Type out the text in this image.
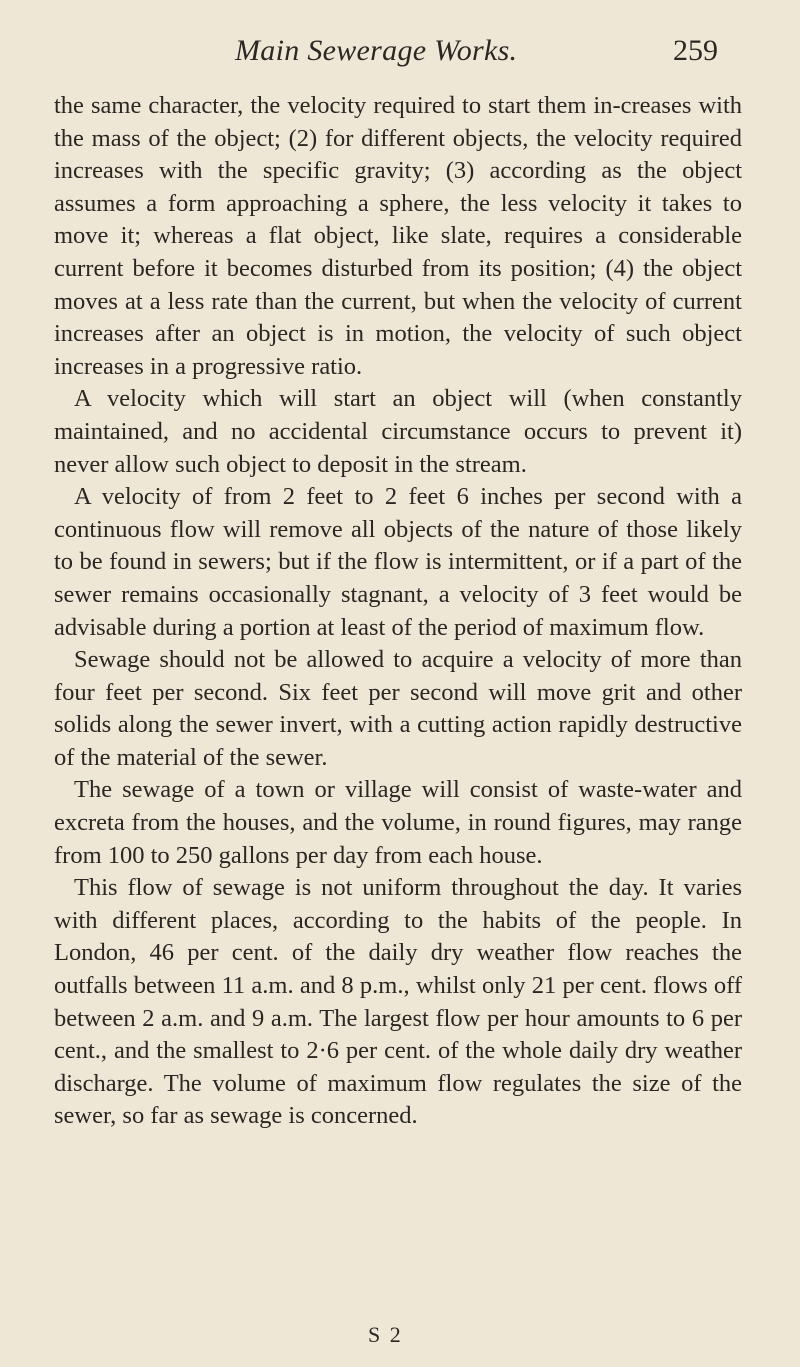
Main Sewerage Works.	259

the same character, the velocity required to start them in-creases with the mass of the object; (2) for different objects, the velocity required increases with the specific gravity; (3) according as the object assumes a form approaching a sphere, the less velocity it takes to move it; whereas a flat object, like slate, requires a considerable current before it becomes disturbed from its position; (4) the object moves at a less rate than the current, but when the velocity of current increases after an object is in motion, the velocity of such object increases in a progressive ratio.

A velocity which will start an object will (when constantly maintained, and no accidental circumstance occurs to prevent it) never allow such object to deposit in the stream.

A velocity of from 2 feet to 2 feet 6 inches per second with a continuous flow will remove all objects of the nature of those likely to be found in sewers; but if the flow is intermittent, or if a part of the sewer remains occasionally stagnant, a velocity of 3 feet would be advisable during a portion at least of the period of maximum flow.

Sewage should not be allowed to acquire a velocity of more than four feet per second. Six feet per second will move grit and other solids along the sewer invert, with a cutting action rapidly destructive of the material of the sewer.

The sewage of a town or village will consist of waste-water and excreta from the houses, and the volume, in round figures, may range from 100 to 250 gallons per day from each house.

This flow of sewage is not uniform throughout the day. It varies with different places, according to the habits of the people. In London, 46 per cent. of the daily dry weather flow reaches the outfalls between 11 a.m. and 8 p.m., whilst only 21 per cent. flows off between 2 a.m. and 9 a.m. The largest flow per hour amounts to 6 per cent., and the smallest to 2·6 per cent. of the whole daily dry weather discharge. The volume of maximum flow regulates the size of the sewer, so far as sewage is concerned.

S 2
